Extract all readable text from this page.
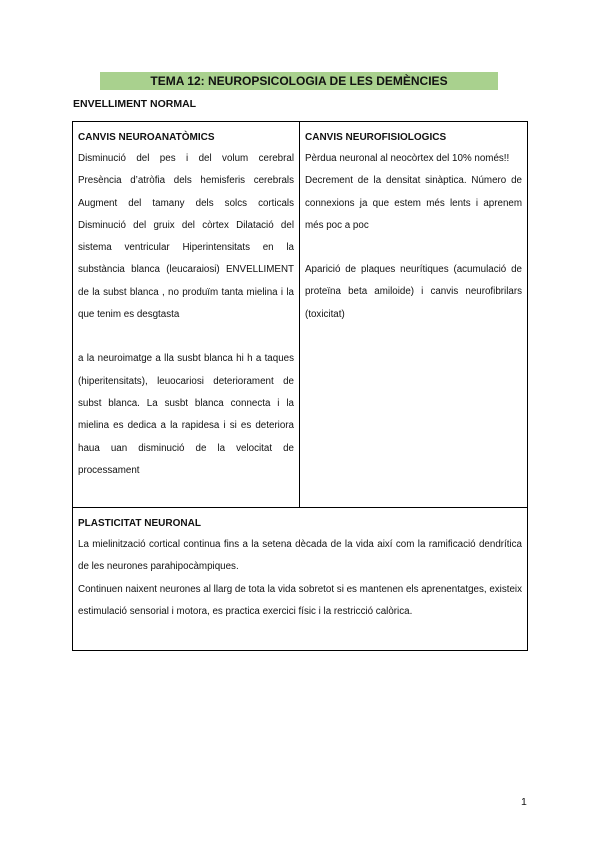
TEMA 12: NEUROPSICOLOGIA DE LES DEMÈNCIES
ENVELLIMENT NORMAL
CANVIS NEUROANATÒMICS

Disminució del pes i del volum cerebral Presència d’atròfia dels hemisferis cerebrals Augment del tamany dels solcs corticals Disminució del gruix del còrtex Dilatació del sistema ventricular Hiperintensitats en la substància blanca (leucaraiosi) ENVELLIMENT de la subst blanca , no produïm tanta mielina i la que tenim es desgtasta

a la neuroimatge a lla susbt blanca hi h a taques (hiperitensitats), leuocariosi deteriorament de subst blanca. La susbt blanca connecta i la mielina es dedica a la rapidesa i si es deteriora haua uan disminució de la velocitat de processament

CANVIS NEUROFISIOLOGICS

Pèrdua neuronal al neocòrtex del 10% només!!

Decrement de la densitat sinàptica. Número de connexions ja que estem més lents i aprenem més poc a poc

Aparició de plaques neurítiques (acumulació de proteïna beta amiloide) i canvis neurofibrilars (toxicitat)

PLASTICITAT NEURONAL

La mielinització cortical continua fins a la setena dècada de la vida així com la ramificació dendrítica de les neurones parahipocàmpiques.

Continuen naixent neurones al llarg de tota la vida sobretot si es mantenen els aprenentatges, existeix estimulació sensorial i motora, es practica exercici físic i la restricció calòrica.

1
